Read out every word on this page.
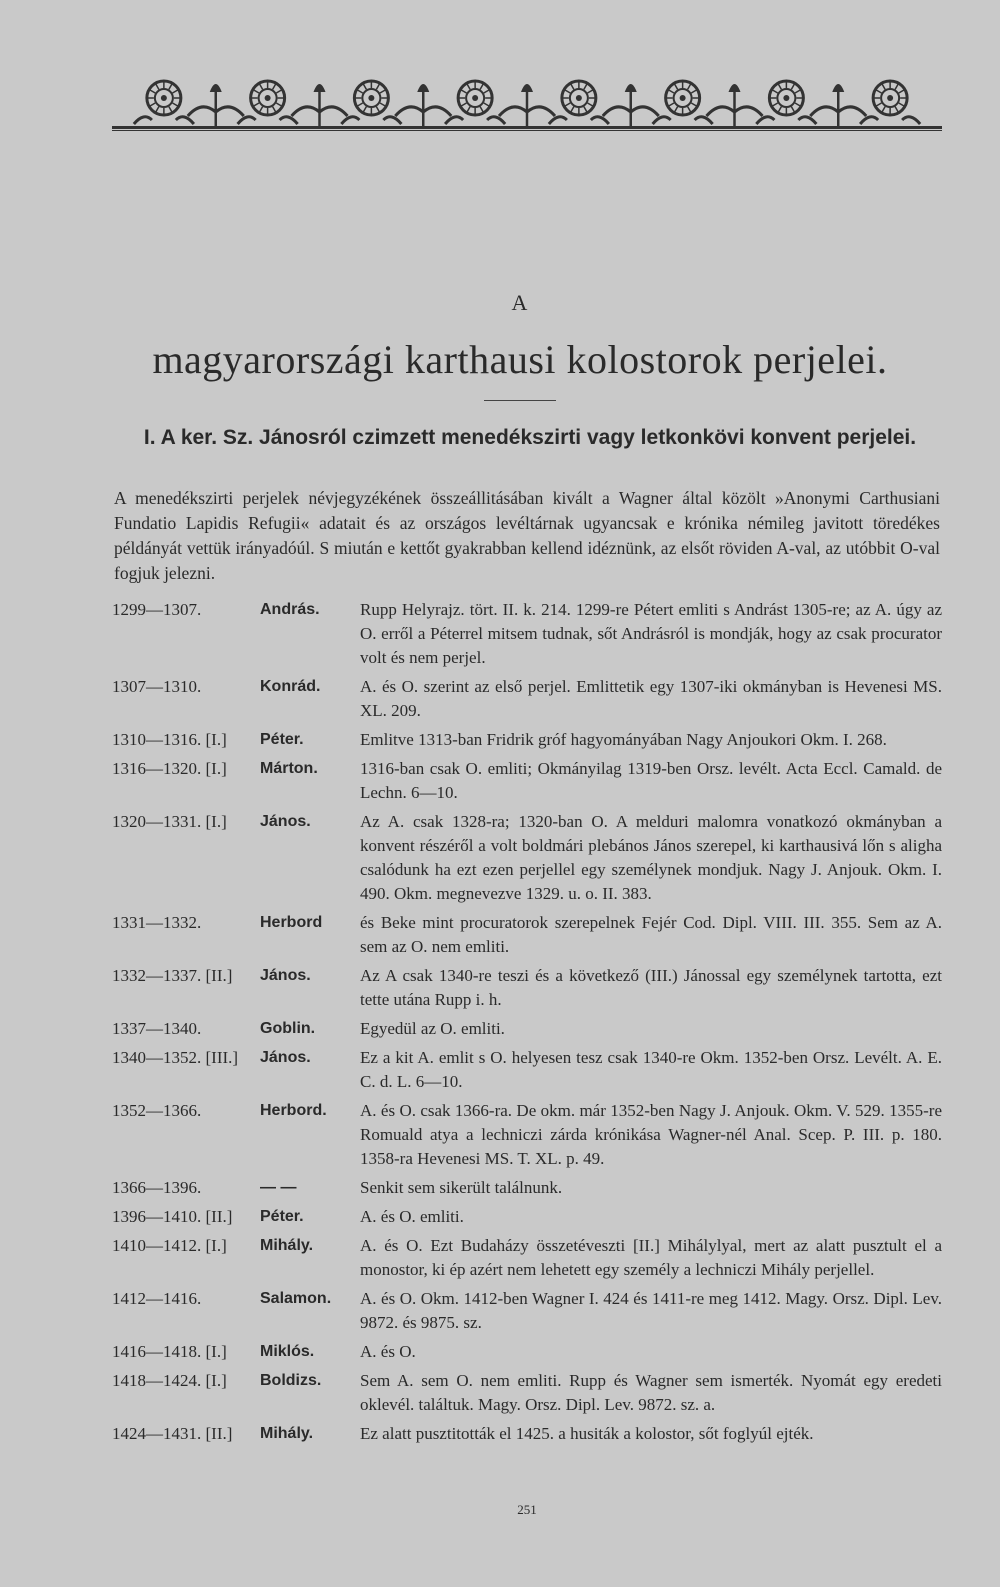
A
magyarországi karthausi kolostorok perjelei.
I. A ker. Sz. Jánosról czimzett menedékszirti vagy letkonkövi konvent perjelei.

A menedékszirti perjelek névjegyzékének összeállitásában kivált a Wagner által közölt »Anonymi Carthusiani Fundatio Lapidis Refugii« adatait és az országos levéltárnak ugyancsak e krónika némileg javitott töredékes példányát vettük irányadóúl. S miután e kettőt gyakrabban kellend idéznünk, az elsőt röviden A-val, az utóbbit O-val fogjuk jelezni.

1299—1307.	András.	Rupp Helyrajz. tört. II. k. 214. 1299-re Pétert emliti s Andrást 1305-re; az A. úgy az O. erről a Péterrel mitsem tudnak, sőt Andrásról is mondják, hogy az csak procurator volt és nem perjel.
1307—1310.	Konrád.	A. és O. szerint az első perjel. Emlittetik egy 1307-iki okmányban is Hevenesi MS. XL. 209.
1310—1316. [I.]	Péter.	Emlitve 1313-ban Fridrik gróf hagyományában Nagy Anjoukori Okm. I. 268.
1316—1320. [I.]	Márton.	1316-ban csak O. emliti; Okmányilag 1319-ben Orsz. levélt. Acta Eccl. Camald. de Lechn. 6—10.
1320—1331. [I.]	János.	Az A. csak 1328-ra; 1320-ban O. A melduri malomra vonatkozó okmányban a konvent részéről a volt boldmári plebános János szerepel, ki karthausivá lőn s aligha csalódunk ha ezt ezen perjellel egy személynek mondjuk. Nagy J. Anjouk. Okm. I. 490. Okm. megnevezve 1329. u. o. II. 383.
1331—1332.	Herbord	és Beke mint procuratorok szerepelnek Fejér Cod. Dipl. VIII. III. 355. Sem az A. sem az O. nem emliti.
1332—1337. [II.]	János.	Az A csak 1340-re teszi és a következő (III.) Jánossal egy személynek tartotta, ezt tette utána Rupp i. h.
1337—1340.	Goblin.	Egyedül az O. emliti.
1340—1352. [III.]	János.	Ez a kit A. emlit s O. helyesen tesz csak 1340-re Okm. 1352-ben Orsz. Levélt. A. E. C. d. L. 6—10.
1352—1366.	Herbord.	A. és O. csak 1366-ra. De okm. már 1352-ben Nagy J. Anjouk. Okm. V. 529. 1355-re Romuald atya a lechniczi zárda krónikása Wagner-nél Anal. Scep. P. III. p. 180. 1358-ra Hevenesi MS. T. XL. p. 49.
1366—1396.	— —	Senkit sem sikerült találnunk.
1396—1410. [II.]	Péter.	A. és O. emliti.
1410—1412. [I.]	Mihály.	A. és O. Ezt Budaházy összetéveszti [II.] Mihálylyal, mert az alatt pusztult el a monostor, ki ép azért nem lehetett egy személy a lechniczi Mihály perjellel.
1412—1416.	Salamon.	A. és O. Okm. 1412-ben Wagner I. 424 és 1411-re meg 1412. Magy. Orsz. Dipl. Lev. 9872. és 9875. sz.
1416—1418. [I.]	Miklós.	A. és O.
1418—1424. [I.]	Boldizs.	Sem A. sem O. nem emliti. Rupp és Wagner sem ismerték. Nyomát egy eredeti oklevél. találtuk. Magy. Orsz. Dipl. Lev. 9872. sz. a.
1424—1431. [II.]	Mihály.	Ez alatt pusztitották el 1425. a husiták a kolostor, sőt foglyúl ejték.
251
